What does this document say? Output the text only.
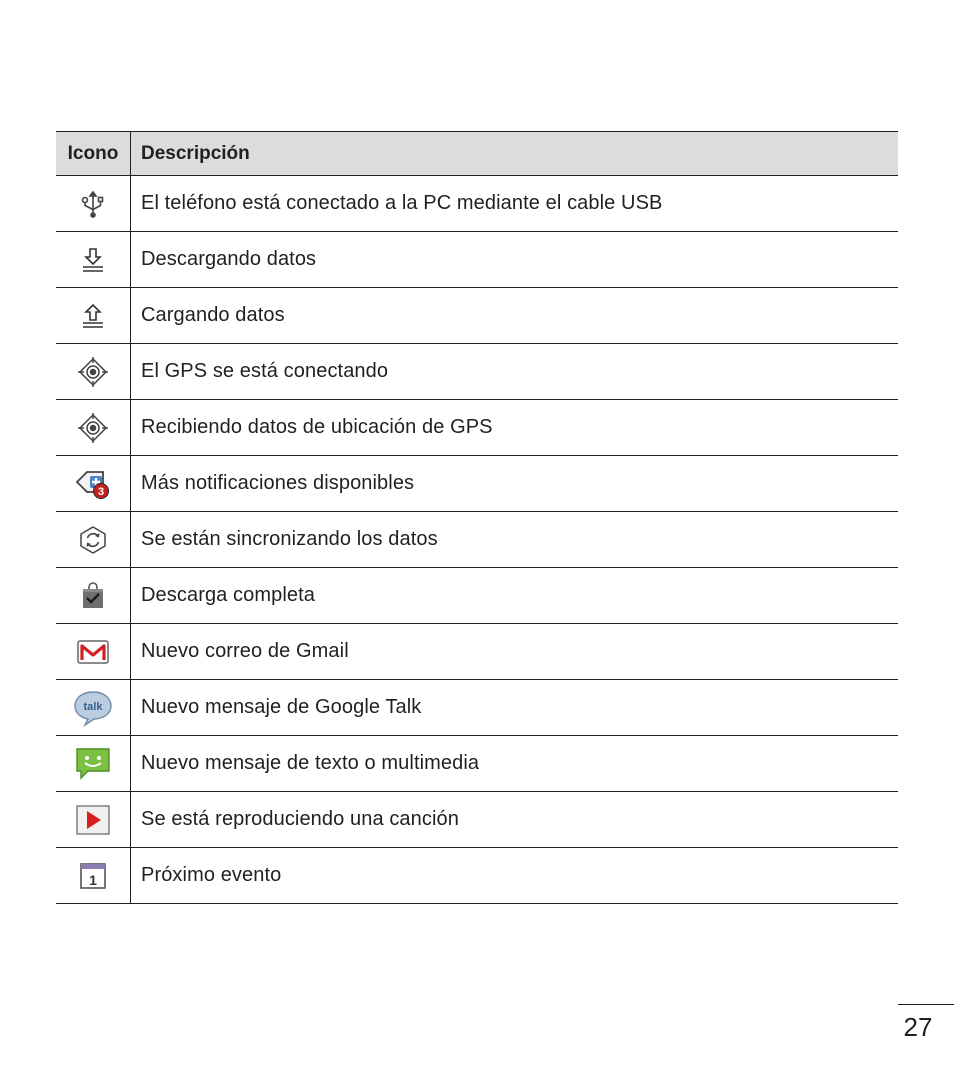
Icono	Descripción

	El teléfono está conectado a la PC mediante el cable USB

	Descargando datos

	Cargando datos

	El GPS se está conectando

	Recibiendo datos de ubicación de GPS

3	Más notificaciones disponibles

	Se están sincronizando los datos

	Descarga completa

	Nuevo correo de Gmail

talk	Nuevo mensaje de Google Talk

	Nuevo mensaje de texto o multimedia

	Se está reproduciendo una canción

1	Próximo evento
27
